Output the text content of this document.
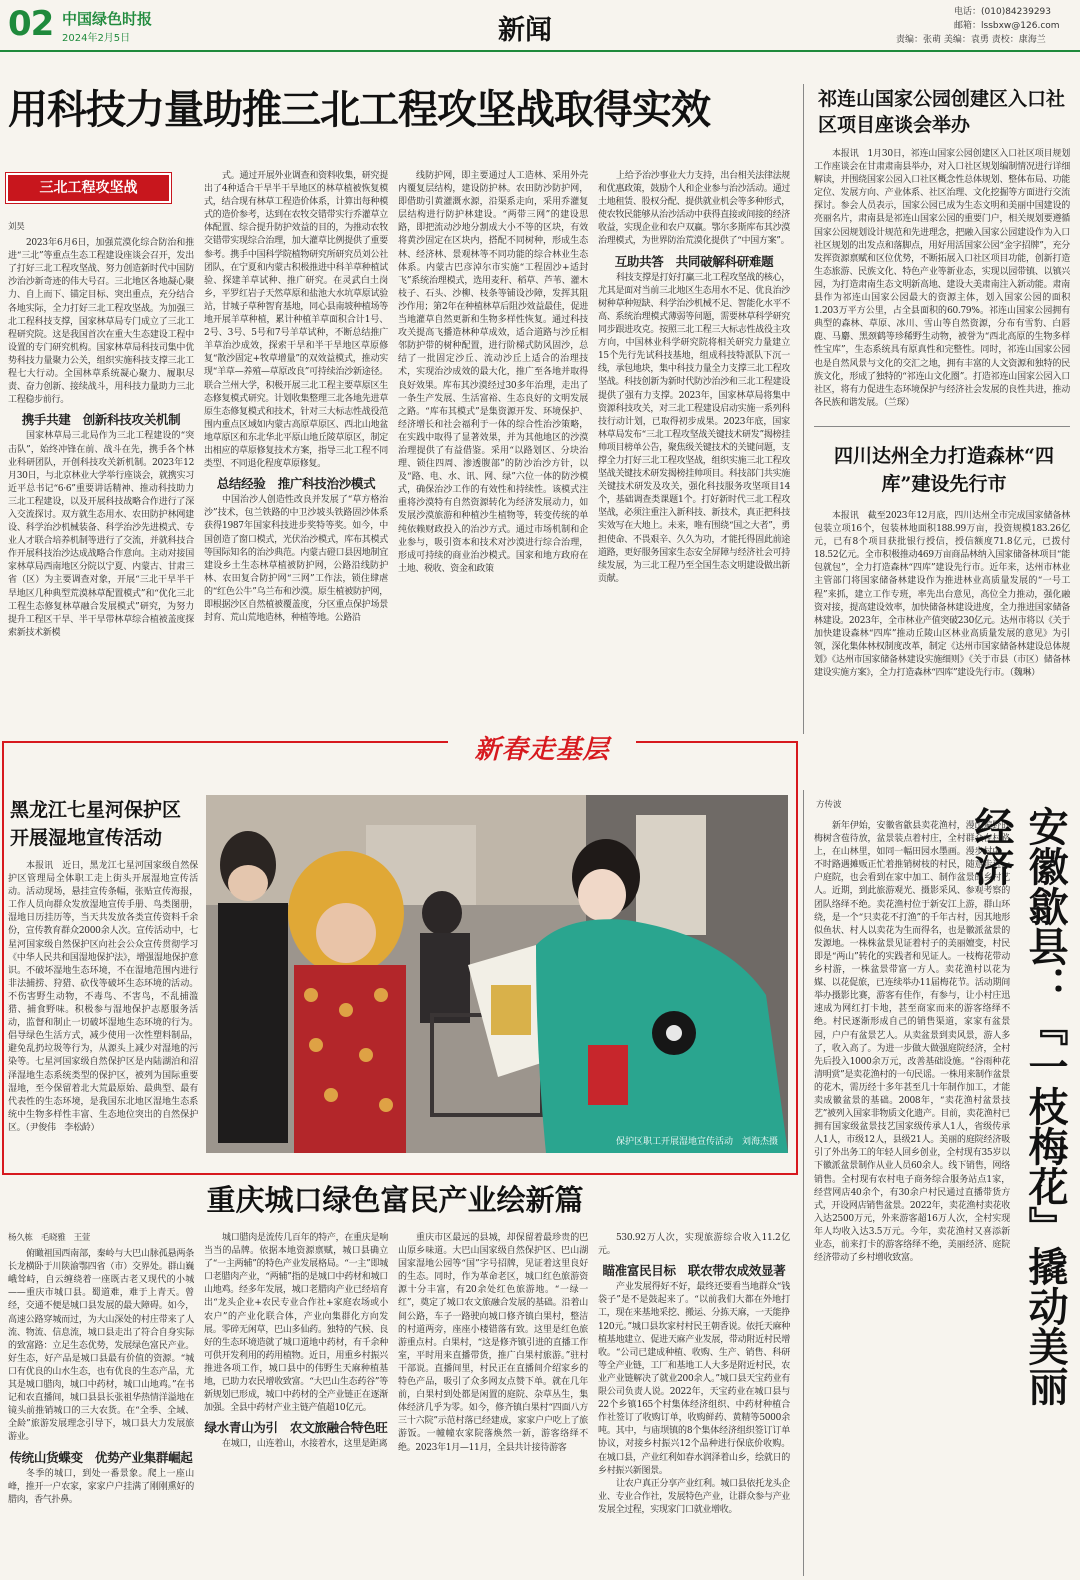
02 中国绿色时报
2024年2月5日	新闻
电话：(010)84239293
邮箱：lssbxw@126.com
责编：张萌 美编：袁勇 责校：康海兰
用科技力量助推三北工程攻坚战取得实效
三北工程攻坚战
刘昊

2023年6月6日，加强荒漠化综合防治和推进“三北”等重点生态工程建设座谈会召开，发出了打好三北工程攻坚战、努力创造新时代中国防沙治沙新奇迹的伟大号召。三北地区各地凝心聚力、自上而下、锚定目标、突出重点，充分结合各地实际，全力打好三北工程攻坚战。为加强三北工程科技支撑，国家林草局专门成立了三北工程研究院。这是我国首次在重大生态建设工程中设置的专门研究机构。国家林草局科技司集中优势科技力量聚力公关，组织实施科技支撑三北工程七大行动。全国林草系统凝心聚力、履职尽责、奋力创新、接续战斗，用科技力量助力三北工程稳步前行。

携手共建　创新科技攻关机制

国家林草局三北局作为三北工程建设的“突击队”，始终冲锋在前、战斗在先，携手各个林业科研团队，开创科技攻关新机制。2023年12月30日，与北京林业大学举行座谈会，就携实习近平总书记“6·6”重要讲话精神、推动科技助力三北工程建设，以及开展科技战略合作进行了深入交流探讨。双方就生态用水、农田防护林网建设、科学治沙机械装备、科学治沙先进模式、专业人才联合培养机制等进行了交流，并就科技合作开展科技治沙达成战略合作意向。主动对接国家林草局西南地区分院以宁夏、内蒙古、甘肃三省（区）为主要调查对象，开展“三北干旱半干旱地区几种典型荒漠林草配置模式”和“优化三北工程生态修复林草融合发展模式”研究，为努力提升工程区干旱、半干旱带林草综合植被盖度探索新技术新模

式。通过开展外业调查和资料收集，研究提出了4种适合干旱半干旱地区的林草植被恢复模式，结合现有林草工程造价体系，计算出每种模式的造价参考，达到在农牧交错带实行乔灌草立体配置、综合提升防护效益的目的，为推动农牧交错带实现综合治理，加大灌草比例提供了重要参考。携手中国科学院植物研究所研究员刘公社团队，在宁夏和内蒙古积极推进中科羊草种植试验、探建羊草试种、推广研究。在灵武白土岗乡，平罗红岩子天然草原和盐池大水坑草原试验站，甘城子草种智育基地，同心县南坡种植场等地开展羊草种植，累计种植羊草面积合计1号、2号、3号、5号和7号羊草试种，不断总结推广羊草治沙成效，探索干旱和半干旱地区草原修复“散沙固定+牧草增量”的双效益模式，推动实现“羊草—养殖—草原改良”可持续治沙新途径。联合兰州大学，积极开展三北工程主要草原区生态修复模式研究。计划收集整理三北各地先进草原生态修复模式和技术，针对三大标志性战役范围内重点区域如内蒙古高原草原区、西北山地盆地草原区和东北华北平原山地丘陵草原区，制定出相应的草原修复技术方案，指导三北工程不同类型、不同退化程度草原修复。

总结经验　推广科技治沙模式

中国治沙人创造性改良并发展了“草方格治沙”技术，包兰铁路的中卫沙坡头铁路固沙体系获得1987年国家科技进步奖特等奖。如今，中国创造了窗口模式，光伏治沙模式，库布其模式等国际知名的治沙典范。内蒙古磴口县因地制宜建设乡土生态林草植被防护网，公路沿线防护林、农田复合防护网“三网”工作法，锁住肆虐的“红色公牛”乌兰布和沙漠。原生植被防护网，即根据沙区自然植被覆盖度，分区重点保护场景封育、荒山荒地造林，种植等地。公路沿

线防护网，即主要通过人工造林、采用外壳内覆复层结构，建设防护林。农田防沙防护网，即借助引黄灌溉水源，沿渠系走向，采用乔灌复层结构进行防护林建设。“两带三网”的建设思路，即把流动沙地分割成大小不等的区块，有效将黄沙固定在区块内，搭配不同树种，形成生态林、经济林、景观林等不同功能的综合林业生态体系。内蒙古巴彦淖尔市实施“工程固沙+适封飞”系统治理模式，选用麦秆、稻草、芦苇、灌木枝子、石头、沙柳、枝条等铺设沙障，发挥其阻沙作用；第2年在种植林草后阻沙效益最佳，促进当地灌草自然更新和生物多样性恢复。通过科技攻关提高飞播造林种草成效，适合道路与沙丘相邻防护带的树种配置，进行阶梯式防风固沙，总结了一批固定沙丘、流动沙丘上适合的治理技术，实现治沙成效的最大化，推广至各地并取得良好效果。库布其沙漠经过30多年治理，走出了一条生产发展、生活富裕、生态良好的文明发展之路。“库布其模式”是集资源开发、环境保护、经济增长和社会福利于一体的综合性治沙策略，在实践中取得了显著效果，并为其他地区的沙漠治理提供了有益借鉴。采用“以路划区、分块治理、锁住四周、渗透腹部”的防沙治沙方针，以及“路、电、水、讯、网、绿”六位一体的防沙模式，确保治沙工作的有效性和持续性。该模式注重将沙漠特有自然资源转化为经济发展动力，如发展沙漠旅游和种植沙生植物等，转变传统的单纯依赖财政投入的治沙方式。通过市场机制和企业参与，吸引资本和技术对沙漠进行综合治理，形成可持续的商业治沙模式。国家和地方政府在土地、税收、资金和政策

上给予治沙事业大力支持，出台相关法律法规和优惠政策，鼓励个人和企业参与治沙活动。通过土地租赁、股权分配、提供就业机会等多种形式，使农牧民能够从治沙活动中获得直接或间接的经济收益，实现企业和农户双赢。鄂尔多斯库布其沙漠治理模式，为世界防治荒漠化提供了“中国方案”。

互助共答　共同破解科研难题

科技支撑是打好打赢三北工程攻坚战的核心，尤其是面对当前三北地区生态用水不足、优良治沙树种草种短缺、科学治沙机械不足、智能化水平不高、系统治理模式薄弱等问题，需要林草科学研究同步跟进攻克。按照三北工程三大标志性战役主攻方向，中国林业科学研究院将相关研究力量建立15个先行先试科技基地，组成科技特派队下沉一线，承包地块，集中科技力量全力支撑三北工程攻坚战。科技创新为新时代防沙治沙和三北工程建设提供了强有力支撑。2023年，国家林草局将集中资源科技攻关，对三北工程建设启动实施一系列科技行动计划，已取得初步成果。2023年底，国家林草局发布“三北工程攻坚战关键技术研发”揭榜挂帅项目榜单公告，聚焦级关键技术的关键问题，支撑全力打好三北工程攻坚战，组织实施三北工程攻坚战关键技术研发揭榜挂帅项目。科技部门共实施关键技术研发及攻关，强化科技服务攻坚项目14个，基础调查类课题1个。打好新时代三北工程攻坚战，必须注重注入新科技、新技术，真正把科技实效写在大地上。未来，唯有围绕“国之大者”，勇担使命、不畏艰辛、久久为功，才能托得固此前途道路，更好服务国家生态安全屏障与经济社会可持续发展，为三北工程乃至全国生态文明建设做出新贡献。

祁连山国家公园创建区入口社区项目座谈会举办

本报讯　1月30日，祁连山国家公园创建区入口社区项目规划工作座谈会在甘肃肃南县举办，对入口社区规划编制情况进行详细解读，并围绕国家公园入口社区概念性总体规划、整体布局、功能定位、发展方向、产业体系、社区治理、文化挖掘等方面进行交流探讨。参会人员表示，国家公园已成为生态文明和美丽中国建设的亮丽名片，肃南县是祁连山国家公园的重要门户，相关规划要遵循国家公园规划设计规范和先进理念，把融入国家公园建设作为入口社区规划的出发点和落脚点，用好用活国家公园“金字招牌”，充分发挥资源禀赋和区位优势，不断拓展入口社区项目功能，创新打造生态旅游、民族文化、特色产业等新业态，实现以园带镇、以镇兴园，为打造肃南生态文明新高地、建设大美肃南注入新动能。肃南县作为祁连山国家公园最大的资源主体，划入国家公园的面积1.203万平方公里，占全县面积的60.79%。祁连山国家公园拥有典型的森林、草原、冰川、雪山等自然资源，分布有雪豹、白唇鹿、马麝、黑颈鹤等珍稀野生动物，被誉为“西北高原的生物多样性宝库”，生态系统具有原真性和完整性。同时，祁连山国家公园也是自然风景与文化的交汇之地，拥有丰富的人文资源和独特的民族文化，形成了独特的“祁连山文化圈”。打造祁连山国家公园入口社区，将有力促进生态环境保护与经济社会发展的良性共进，推动各民族和谐发展。（兰琛）

四川达州全力打造森林“四库”建设先行市

本报讯　截至2023年12月底，四川达州全市完成国家储备林包装立项16个，包装林地面积188.99万亩，投资规模183.26亿元，已有8个项目获批银行授信，授信额度71.8亿元，已拨付18.52亿元。全市积极推动469万亩商品林纳入国家储备林项目“能包就包”，全力打造森林“四库”建设先行市。近年来，达州市林业主管部门将国家储备林建设作为推进林业高质量发展的“一号工程”来抓，建立工作专班，率先出台意见，高位全力推动，强化融资对接，提高建设效率，加快储备林建设进度，全力推进国家储备林建设。2023年，全市林业产值突破230亿元。达州市将以《关于加快建设森林“四库”推动丘陵山区林业高质量发展的意见》为引领，深化集体林权制度改革，制定《达州市国家储备林建设总体规划》《达州市国家储备林建设实施细则》《关于市县（市区）储备林建设实施方案》，全力打造森林“四库”建设先行市。（魏琳）

新春走基层
黑龙江七星河保护区开展湿地宣传活动

本报讯　近日，黑龙江七星河国家级自然保护区管理局全体职工走上街头开展湿地宣传活动。活动现场，悬挂宣传条幅，张贴宣传海报，工作人员向群众发放湿地宣传手册、鸟类图册，湿地日历挂历等，当天共发放各类宣传资料千余份，宣传教育群众2000余人次。宣传活动中，七星河国家级自然保护区向社会公众宣传贯彻学习《中华人民共和国湿地保护法》，增强湿地保护意识。不破坏湿地生态环境，不在湿地范围内进行非法捕捞、狩猎、砍伐等破坏生态环境的活动。不伤害野生动物，不毒鸟、不害鸟，不乱捕滥猎、捕食野味。积极参与湿地保护志愿服务活动，监督和制止一切破坏湿地生态环境的行为。倡导绿色生活方式，减少使用一次性塑料制品，避免乱扔垃圾等行为，从源头上减少对湿地的污染等。七星河国家级自然保护区是内陆湖泊和沼泽湿地生态系统类型的保护区，被列为国际重要湿地，至今保留着北大荒最原始、最典型、最有代表性的生态环境，是我国东北地区湿地生态系统中生物多样性丰富、生态地位突出的自然保护区。（尹俊伟　李松龄）

保护区职工开展湿地宣传活动　刘海杰摄
方传波

新年伊始，安徽省歙县卖花渔村，漫山遍野的梅树含苞待放，盆景装点着村庄，全村群众在村路上，在山林里，如同一幅田园水墨画。漫步村中，不时路遇摊贩正忙着推销树枝的村民，随意走进一户庭院，也会看到在家中加工、制作盆景的乡村艺人。近期，到此旅游观光、摄影采风、参观考察的团队络绎不绝。卖花渔村位于新安江上游，群山环绕，是一个“只卖花不打渔”的千年古村，因其地形似鱼状、村人以卖花为生而得名，也是徽派盆景的发源地。一株株盆景见证着村子的美丽嬗变，村民即是“两山”转化的实践者和见证人。一枝梅花带动乡村游，一株盆景带富一方人。卖花渔村以花为媒、以花促旅，已连续举办11届梅花节。活动期间举办摄影比赛，游客有佳作，有参与，让小村庄迅速成为网红打卡地，甚至商家而来的游客络绎不绝。村民逐渐形成自己的销售渠道，家家有盆景园，户户有盆景艺人。从卖盆景到卖风景，游人多了，收入高了。为进一步做大做强庭院经济，全村先后投入1000余万元，改善基础设施。“谷雨种花清明赏”是卖花渔村的一句民谣。一株用来制作盆景的花木，需历经十多年甚至几十年制作加工，才能卖成徽盆景的基础。2008年，“卖花渔村盆景技艺”被列入国家非物质文化遗产。目前，卖花渔村已拥有国家级盆景技艺国家级传承人1人，省级传承人1人，市级12人，县级21人。美丽的庭院经济吸引了外出务工的年轻人回乡创业，全村现有35岁以下徽派盆景制作从业人员60余人。线下销售，网络销售。全村现有农村电子商务综合服务站点1家，经营网店40余个，有30余户村民通过直播带货方式，开设网店销售盆景。2022年，卖花渔村卖花收入达2500万元，外来游客超16万人次，全村实现年人均收入达3.5万元。今年，卖花渔村又喜添新业态，前来打卡的游客络绎不绝，美丽经济、庭院经济带动了乡村增收致富。	安徽歙县：『一枝梅花』撬动美丽经济
重庆城口绿色富民产业绘新篇
杨久栋　毛晓雅　王萱

俯瞰祖国西南部，秦岭与大巴山脉孤悬两条长龙横卧于川陕渝鄂四省（市）交界处。群山巍峨耸峙，自云缠绕着一座既古老又现代的小城——重庆市城口县。蜀道难，难于上青天。曾经，交通不便是城口县发展的最大障碍。如今，高速公路穿城而过，为大山深处的村庄带来了人流、物流、信息流，城口县走出了符合自身实际的致富路：立足生态优势，发展绿色富民产业。好生态，好产品是城口县最有价值的资源。“城口有优良的山水生态，也有优良的生态产品，尤其是城口腊肉，城口中药材，城口山地鸡。”在书记和农直播间，城口县县长张祖华热情洋溢地在镜头前推销城口的三大农货。在“全季、全域、全龄”旅游发展理念引导下，城口县大力发展旅游业。

传统山货蝶变　优势产业集群崛起

冬季的城口，到处一番景象。爬上一座山峰，推开一户农家，家家户户挂满了刚刚熏好的腊肉，香气扑鼻。

城口腊肉是流传几百年的特产，在重庆是响当当的品牌。依据本地资源禀赋，城口县确立了“一主两辅”的特色产业发展格局。“一主”即城口老腊肉产业，“两辅”指的是城口中药材和城口山地鸡。经多年发展，城口老腊肉产业已经培育出“龙头企业+农民专业合作社+家庭农场或小农户”的产业化联合体，产业向集群化方向发展。零碎无闲草，巴山多仙药。独特的气候、良好的生态环境造就了城口道地中药材，有千余种可供开发利用的药用植物。近日，用重乡村振兴推进各项工作，城口县中的伟野生天麻种植基地，已助力农民增收致富。“大巴山生态药谷”等新规划已形成，城口中药材的全产业链正在逐渐加强。全县中药材产业主链产值超10亿元。

绿水青山为引　农文旅融合特色旺

在城口，山连着山，水接着水，这里是距离

重庆市区最远的县城，却保留着最珍贵的巴山原乡味道。大巴山国家级自然保护区、巴山湖国家湿地公园等“国”字号招牌，见证着这里良好的生态。同时，作为革命老区，城口红色旅游资源十分丰富，有20余处红色旅游地。“一绿一红”，奠定了城口农文旅融合发展的基础。沿着山间公路，车子一路驶向城口修齐镇白果村，整洁的村道两旁，座座小楼错落有致。这里是红色旅游重点村。白果村，“这是修齐镇引进的直播工作室，平时用来直播带货，推广白果村旅游。”驻村干部说。直播间里，村民正在直播间介绍家乡的特色产品，吸引了众多网友点赞下单。就在几年前，白果村到处都是闲置的庭院、杂草丛生，集体经济几乎为零。如今，修齐镇白果村“四面八方三十六院”示范村落已经建成，家家户户吃上了旅游饭。一幢幢农家院落焕然一新，游客络绎不绝。2023年1月—11月，全县共计接待游客

530.92万人次，实现旅游综合收入11.2亿元。

瞄准富民目标　联农带农成效显著

产业发展得好不好，最终还要看当地群众“钱袋子”是不是鼓起来了。“以前我们大都在外地打工，现在来基地采挖、搬运、分拣天麻，一天能挣120元。”城口县坎家村村民王朝香说。依托天麻种植基地建立、促进天麻产业发展，带动附近村民增收。“公司已建成种植、收购、生产、销售、科研等全产业链，工厂和基地工人大多是附近村民，农业产业链解决了就业200余人。”城口县天宝药业有限公司负责人说。2022年，天宝药业在城口县与22个乡镇165个村集体经济组织、中药材种植合作社签订了收购订单，收购鲜药、黄精等5000余吨。其中，与庙坝镇的8个集体经济组织签订订单协议，对接乡村振兴12个品种进行保底价收购。在城口县，产业红利如春水润泽着山乡，绘就日的乡村振兴新图景。

让农户真正分享产业红利。城口县依托龙头企业、专业合作社，发展特色产业，让群众参与产业发展全过程，实现家门口就业增收。
